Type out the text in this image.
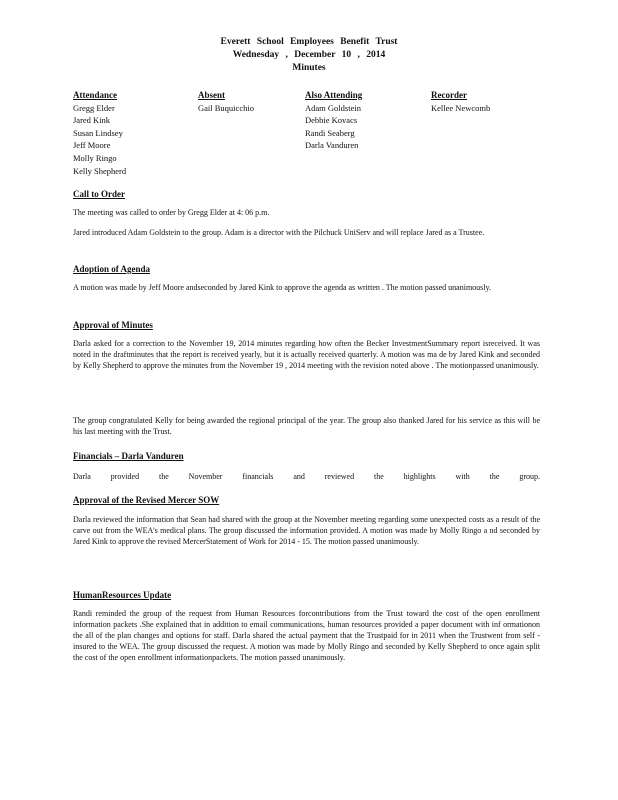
Everett School Employees Benefit Trust
Wednesday , December 10 , 2014
Minutes
Attendance
Gregg Elder
Jared Kink
Susan Lindsey
Jeff Moore
Molly Ringo
Kelly Shepherd
Absent
Gail Buquicchio
Also Attending
Adam Goldstein
Debbie Kovacs
Randi Seaberg
Darla Vanduren
Recorder
Kellee Newcomb
Call to Order
The meeting was called to order by Gregg Elder at 4: 06 p.m.
Jared introduced Adam Goldstein to the group. Adam is a director with the Pilchuck UniServ and will replace Jared as a Trustee.
Adoption of Agenda
A motion was made by Jeff Moore andseconded by Jared Kink to approve the agenda as written . The motion passed unanimously.
Approval of Minutes
Darla asked for a correction to the November 19, 2014 minutes regarding how often the Becker InvestmentSummary report isreceived. It was noted in the draftminutes that the report is received yearly, but it is actually received quarterly. A motion was ma de by Jared Kink and seconded by Kelly Shepherd to approve the minutes from the November 19 , 2014 meeting with the revision noted above . The motionpassed unanimously.
The group congratulated Kelly for being awarded the regional principal of the year. The group also thanked Jared for his service as this will be his last meeting with the Trust.
Financials – Darla Vanduren
Darla provided the November financials and reviewed the highlights with the group.
Approval of the Revised Mercer SOW
Darla reviewed the information that Sean had shared with the group at the November meeting regarding some unexpected costs as a result of the carve out from the WEA’s medical plans. The group discussed the information provided. A motion was made by Molly Ringo a nd seconded by Jared Kink to approve the revised MercerStatement of Work for 2014 - 15. The motion passed unanimously.
HumanResources Update
Randi reminded the group of the request from Human Resources forcontributions from the Trust toward the cost of the open enrollment information packets .She explained that in addition to email communications, human resources provided a paper document with inf ormationon the all of the plan changes and options for staff. Darla shared the actual payment that the Trustpaid for in 2011 when the Trustwent from self - insured to the WEA. The group discussed the request. A motion was made by Molly Ringo and seconded by Kelly Shepherd to once again split the cost of the open enrollment informationpackets. The motion passed unanimously.
